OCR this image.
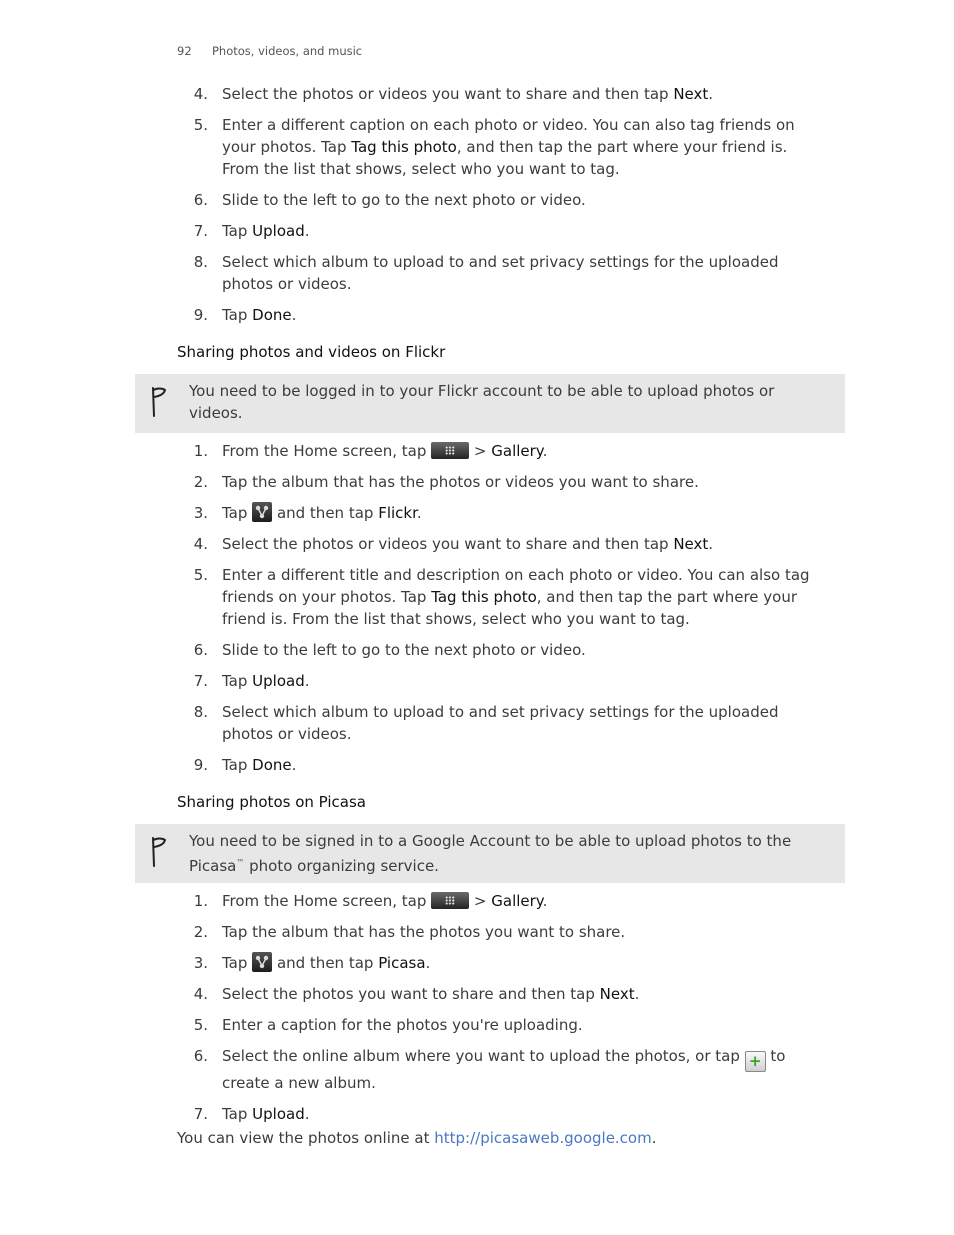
92 Photos, videos, and music
4. Select the photos or videos you want to share and then tap Next.
5. Enter a different caption on each photo or video. You can also tag friends on your photos. Tap Tag this photo, and then tap the part where your friend is. From the list that shows, select who you want to tag.
6. Slide to the left to go to the next photo or video.
7. Tap Upload.
8. Select which album to upload to and set privacy settings for the uploaded photos or videos.
9. Tap Done.
Sharing photos and videos on Flickr
You need to be logged in to your Flickr account to be able to upload photos or videos.
1. From the Home screen, tap	> Gallery.
2. Tap the album that has the photos or videos you want to share.
3. Tap
and then tap Flickr.
4. Select the photos or videos you want to share and then tap Next.
5. Enter a different title and description on each photo or video. You can also tag friends on your photos. Tap Tag this photo, and then tap the part where your friend is. From the list that shows, select who you want to tag.
6. Slide to the left to go to the next photo or video.
7. Tap Upload.
8. Select which album to upload to and set privacy settings for the uploaded photos or videos.
9. Tap Done.
Sharing photos on Picasa
You need to be signed in to a Google Account to be able to upload photos to the Picasa™ photo organizing service.
1. From the Home screen, tap	> Gallery.
2. Tap the album that has the photos you want to share.
3. Tap
and then tap Picasa.
4. Select the photos you want to share and then tap Next.
5. Enter a caption for the photos you're uploading.
6. Select the online album where you want to upload the photos, or tap + to create a new album.
7. Tap Upload.
You can view the photos online at http://picasaweb.google.com.
